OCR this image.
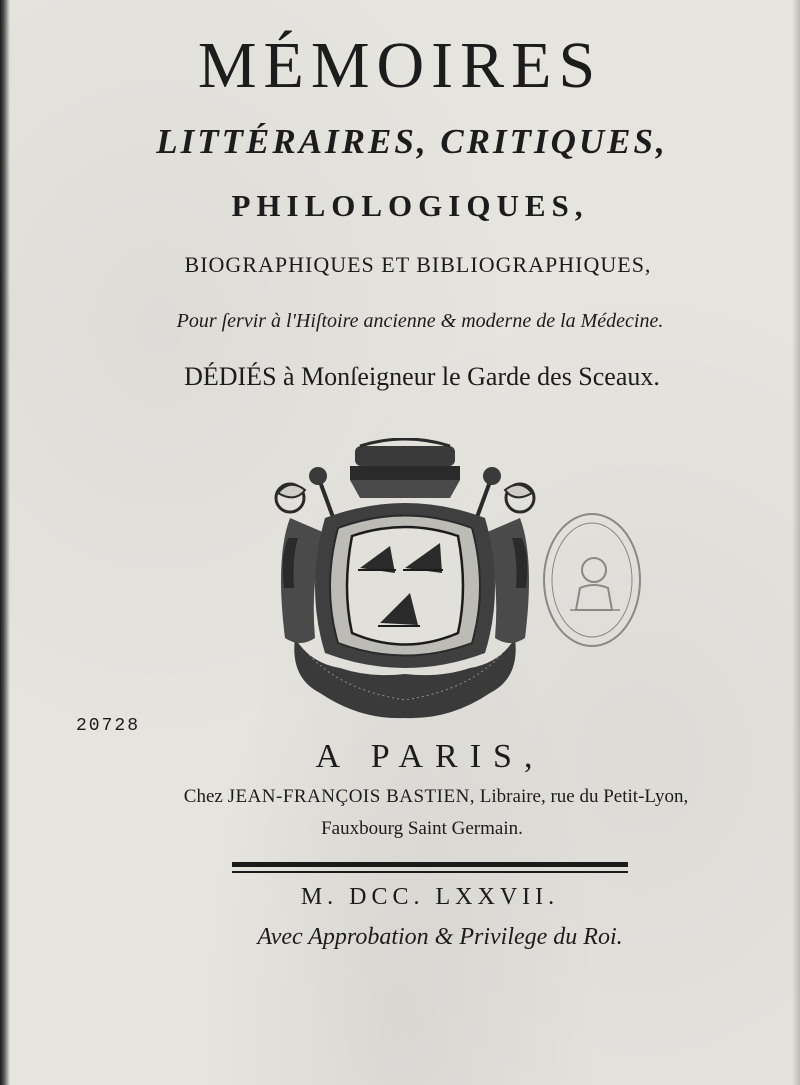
MÉMOIRES
LITTÉRAIRES, CRITIQUES,
PHILOLOGIQUES,
BIOGRAPHIQUES ET BIBLIOGRAPHIQUES,
Pour ſervir à l'Hiſtoire ancienne & moderne de la Médecine.
DÉDIÉS à Monſeigneur le Garde des Sceaux.
20728
A PARIS,
Chez JEAN-FRANÇOIS BASTIEN, Libraire, rue du Petit-Lyon,
Fauxbourg Saint Germain.
M. DCC. LXXVII.
Avec Approbation & Privilege du Roi.
